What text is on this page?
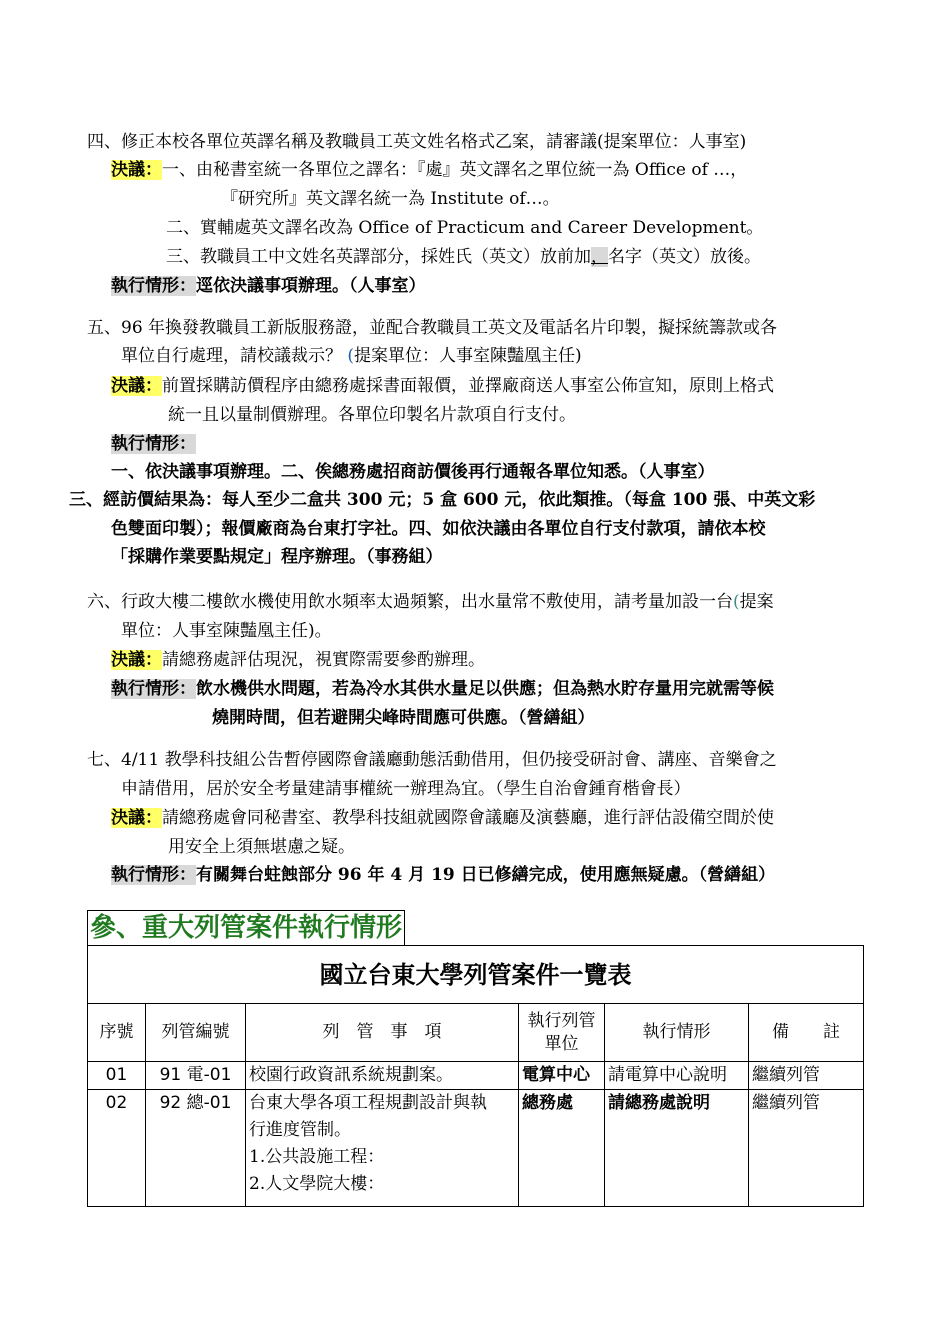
四、修正本校各單位英譯名稱及教職員工英文姓名格式乙案，請審議(提案單位：人事室)
決議：一、由秘書室統一各單位之譯名：『處』英文譯名之單位統一為 Office of …，
『研究所』英文譯名統一為 Institute of…。
二、實輔處英文譯名改為 Office of Practicum and Career Development。
三、教職員工中文姓名英譯部分，採姓氏（英文）放前加，名字（英文）放後。
執行情形：逕依決議事項辦理。（人事室）
五、96 年換發教職員工新版服務證，並配合教職員工英文及電話名片印製，擬採統籌款或各
單位自行處理，請校議裁示？ (提案單位：人事室陳豔凰主任)
決議：前置採購訪價程序由總務處採書面報價，並擇廠商送人事室公佈宣知，原則上格式
統一且以量制價辦理。各單位印製名片款項自行支付。
執行情形：
一、依決議事項辦理。二、俟總務處招商訪價後再行通報各單位知悉。（人事室）
三、經訪價結果為：每人至少二盒共 300 元；5 盒 600 元，依此類推。（每盒 100 張、中英文彩
色雙面印製）；報價廠商為台東打字社。四、如依決議由各單位自行支付款項，請依本校
「採購作業要點規定」程序辦理。（事務組）
六、行政大樓二樓飲水機使用飲水頻率太過頻繁，出水量常不敷使用，請考量加設一台(提案
單位：人事室陳豔凰主任)。
決議：請總務處評估現況，視實際需要參酌辦理。
執行情形：飲水機供水問題，若為冷水其供水量足以供應；但為熱水貯存量用完就需等候
燒開時間，但若避開尖峰時間應可供應。（營繕組）
七、4/11 教學科技組公告暫停國際會議廳動態活動借用，但仍接受研討會、講座、音樂會之
申請借用，居於安全考量建請事權統一辦理為宜。（學生自治會鍾育楷會長）
決議：請總務處會同秘書室、教學科技組就國際會議廳及演藝廳，進行評估設備空間於使
用安全上須無堪慮之疑。
執行情形：有關舞台蛀蝕部分 96 年 4 月 19 日已修繕完成，使用應無疑慮。（營繕組）
參、重大列管案件執行情形
國立台東大學列管案件一覽表					
序號	列管編號	列　管　事　項	執行列管單位	執行情形	備　　註
01	91 電-01	校園行政資訊系統規劃案。	電算中心	請電算中心說明	繼續列管
02	92 總-01	台東大學各項工程規劃設計與執
行進度管制。
1.公共設施工程：
2.人文學院大樓：	總務處	請總務處說明	繼續列管
